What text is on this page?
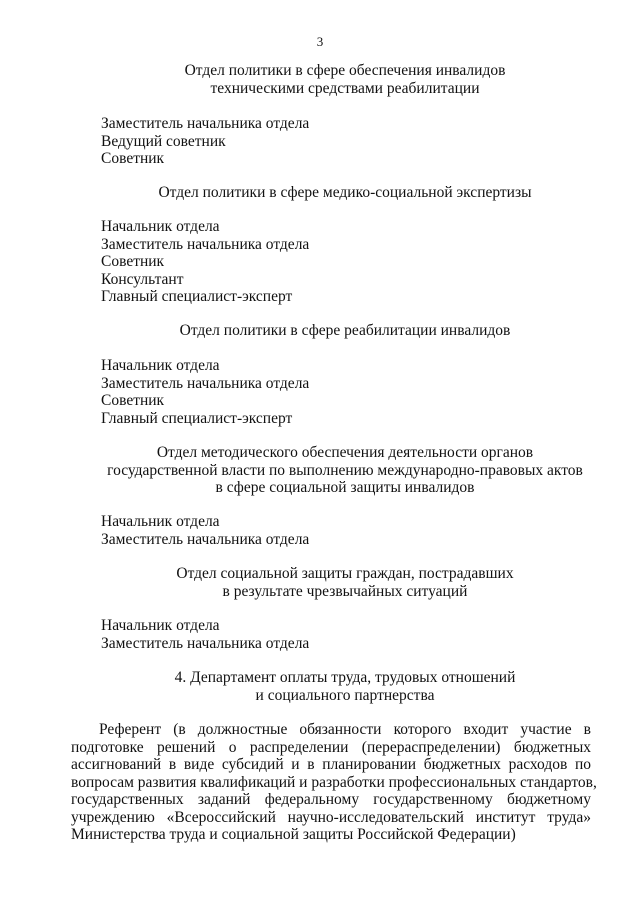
3
Отдел политики в сфере обеспечения инвалидов
техническими средствами реабилитации
Заместитель начальника отдела
Ведущий советник
Советник
Отдел политики в сфере медико-социальной экспертизы
Начальник отдела
Заместитель начальника отдела
Советник
Консультант
Главный специалист-эксперт
Отдел политики в сфере реабилитации инвалидов
Начальник отдела
Заместитель начальника отдела
Советник
Главный специалист-эксперт
Отдел методического обеспечения деятельности органов
государственной власти по выполнению международно-правовых актов
в сфере социальной защиты инвалидов
Начальник отдела
Заместитель начальника отдела
Отдел социальной защиты граждан, пострадавших
в результате чрезвычайных ситуаций
Начальник отдела
Заместитель начальника отдела
4. Департамент оплаты труда, трудовых отношений
и социального партнерства
Референт (в должностные обязанности которого входит участие в
подготовке решений о распределении (перераспределении) бюджетных
ассигнований в виде субсидий и в планировании бюджетных расходов по
вопросам развития квалификаций и разработки профессиональных стандартов,
государственных заданий федеральному государственному бюджетному
учреждению «Всероссийский научно-исследовательский институт труда»
Министерства труда и социальной защиты Российской Федерации)
